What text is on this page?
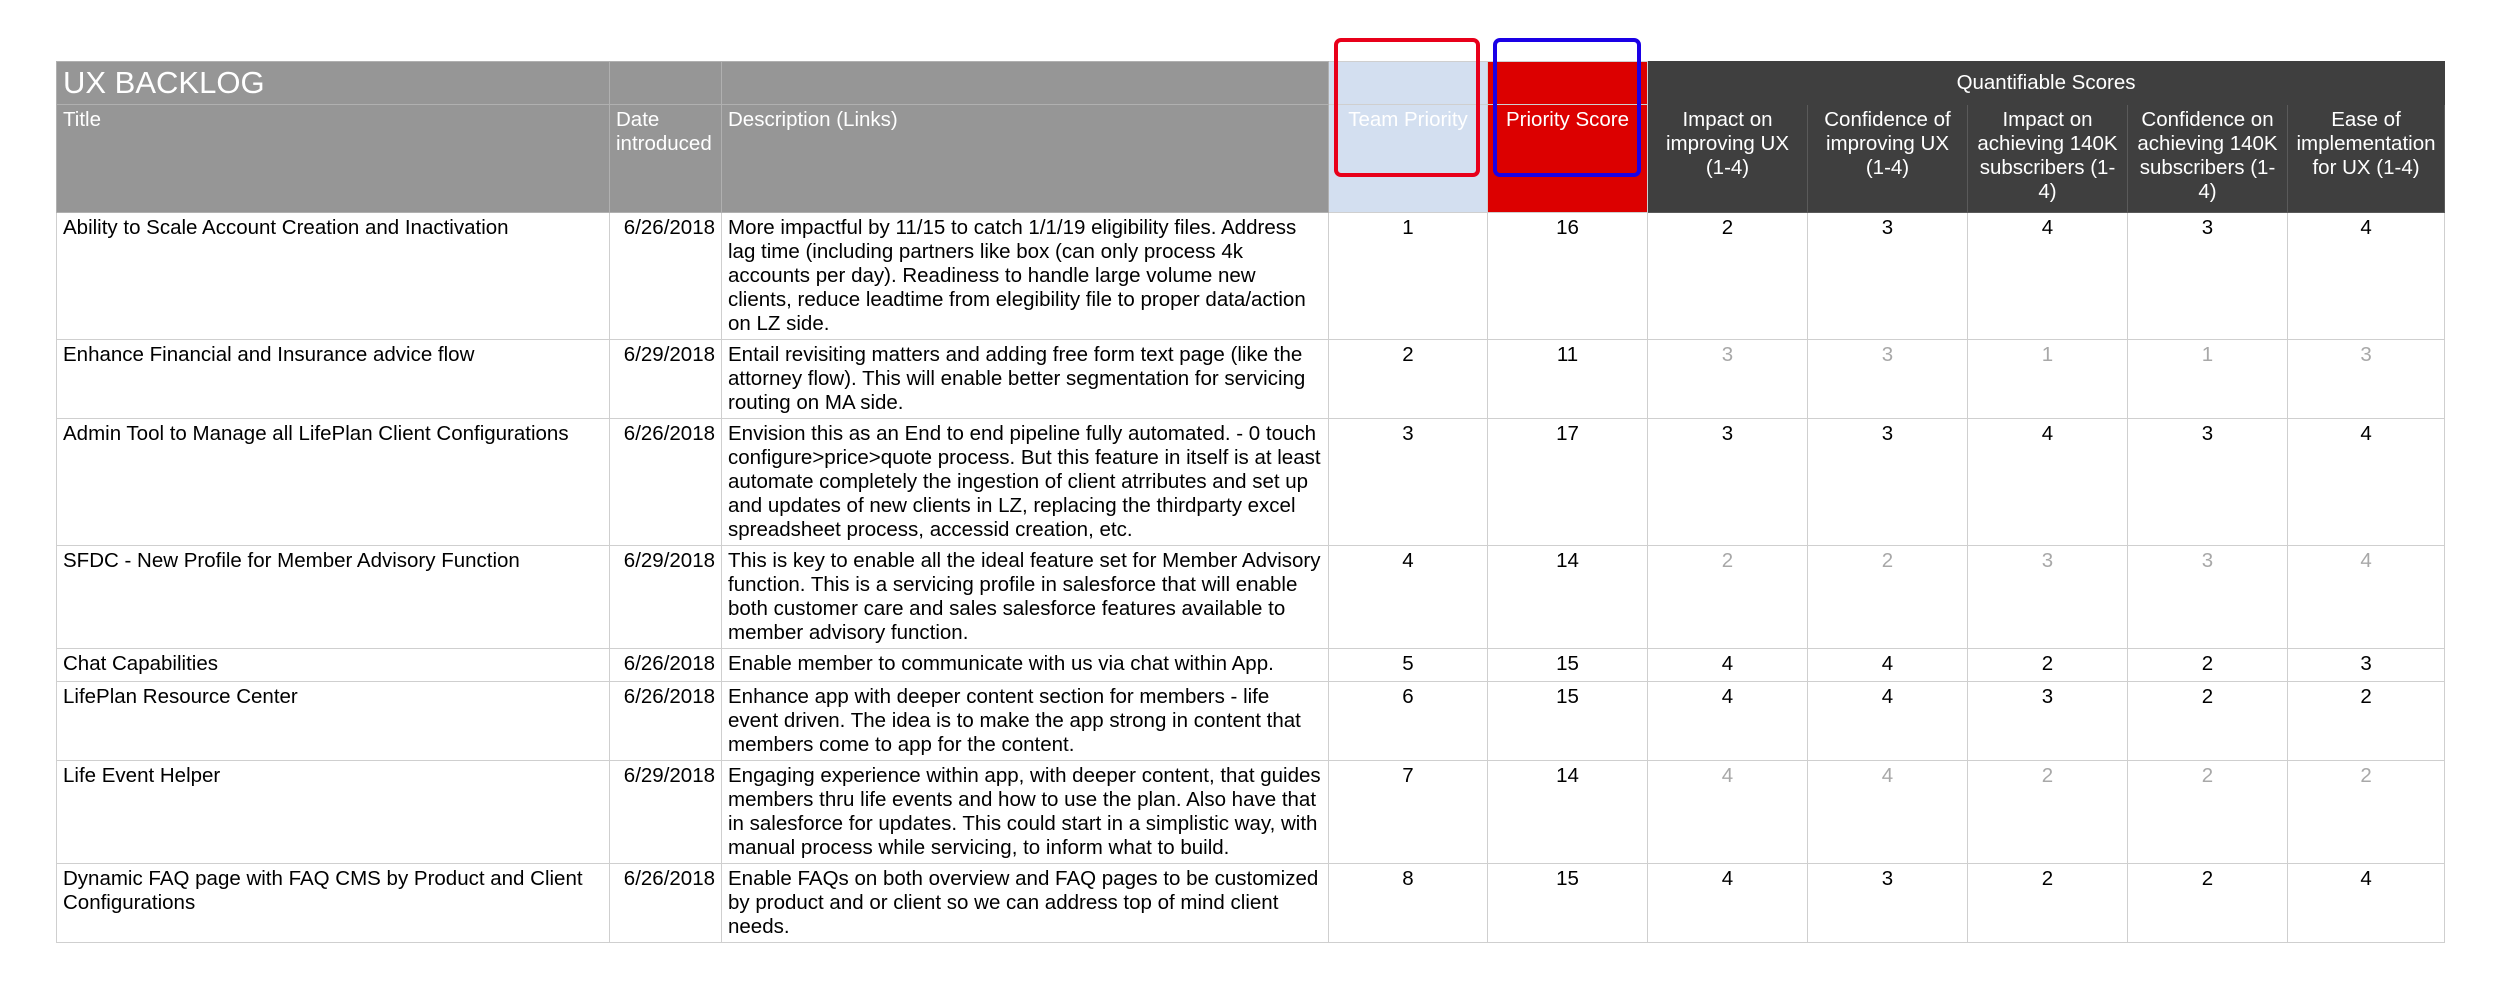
UX BACKLOG					Quantifiable Scores				
Title	Date introduced	Description (Links)	Team Priority	Priority Score	Impact on improving UX (1-4)	Confidence of improving UX (1-4)	Impact on achieving 140K subscribers (1-4)	Confidence on achieving 140K subscribers (1-4)	Ease of implementation for UX (1-4)
Ability to Scale Account Creation and Inactivation	6/26/2018	More impactful by 11/15 to catch 1/1/19 eligibility files. Address lag time (including partners like box (can only process 4k accounts per day). Readiness to handle large volume new clients, reduce leadtime from elegibility file to proper data/action on LZ side.	1	16	2	3	4	3	4
Enhance Financial and Insurance advice flow	6/29/2018	Entail revisiting matters and adding free form text page (like the attorney flow). This will enable better segmentation for servicing routing on MA side.	2	11	3	3	1	1	3
Admin Tool to Manage all LifePlan Client Configurations	6/26/2018	Envision this as an End to end pipeline fully automated. - 0 touch configure>price>quote process. But this feature in itself is at least automate completely the ingestion of client atrributes and set up and updates of new clients in LZ, replacing the thirdparty excel spreadsheet process, accessid creation, etc.	3	17	3	3	4	3	4
SFDC - New Profile for Member Advisory Function	6/29/2018	This is key to enable all the ideal feature set for Member Advisory function. This is a servicing profile in salesforce that will enable both customer care and sales salesforce features available to member advisory function.	4	14	2	2	3	3	4
Chat Capabilities	6/26/2018	Enable member to communicate with us via chat within App.	5	15	4	4	2	2	3
LifePlan Resource Center	6/26/2018	Enhance app with deeper content section for members - life event driven. The idea is to make the app strong in content that members come to app for the content.	6	15	4	4	3	2	2
Life Event Helper	6/29/2018	Engaging experience within app, with deeper content, that guides members thru life events and how to use the plan. Also have that in salesforce for updates. This could start in a simplistic way, with manual process while servicing, to inform what to build.	7	14	4	4	2	2	2
Dynamic FAQ page with FAQ CMS by Product and Client Configurations	6/26/2018	Enable FAQs on both overview and FAQ pages to be customized by product and or client so we can address top of mind client needs.	8	15	4	3	2	2	4
